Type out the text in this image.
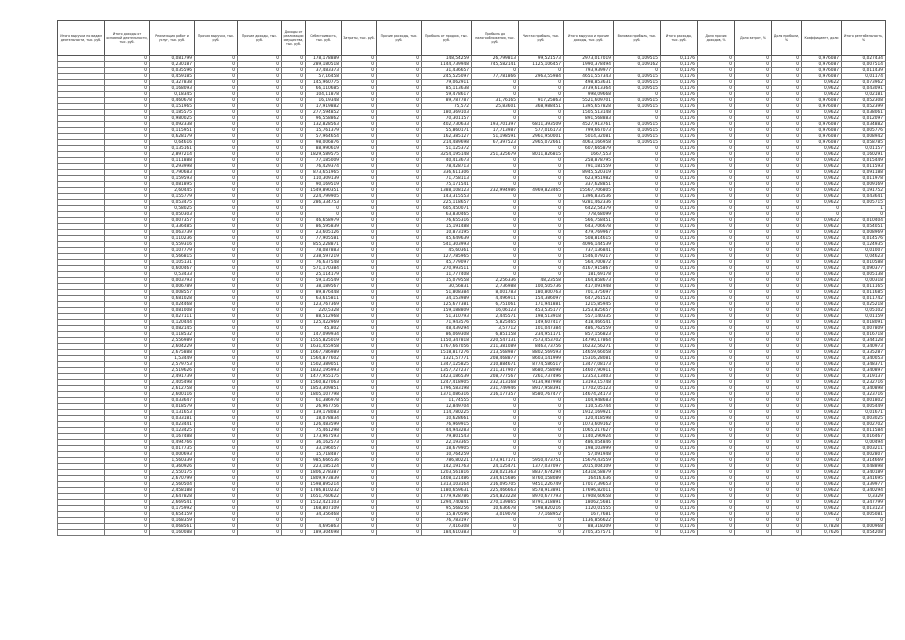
Итого выручки по видам деятельности, тыс. руб.	Итого доходы от основной деятельности, тыс. руб.	Реализация работ и услуг, тыс. руб.	Прочая выручка, тыс. руб.	Прочие доходы, тыс. руб.	Доходы от реализации имущества, тыс. руб.	Себестоимость, тыс. руб.	Затраты, тыс. руб.	Прочие расходы, тыс. руб.	Прибыль от продаж, тыс. руб.	Прибыль до налогообложения, тыс. руб.	Чистая прибыль, тыс. руб.	Итого выручка и прочие доходы, тыс. руб.	Валовая прибыль, тыс. руб.	Итого расходы, тыс. руб.	Доля прочих доходов, %	Доля затрат, %	Доля прибыли, %	Коэффициент, доли	Итого рентабельность, %
	0	0,081799	0	0	0	178,178889	0	0	148,54259	26,799813	99,521573	2973,017019	0,109515	0,1176	0	0	0	0,976087	0,027434
	0	0,230187	0	0	0	289,180518	0	0	1144,739948	745,582141	1125,106457	1990,378494	0,109162	0,1176	0	0	0	0,976087	0,007514
	0	0,035596	0	0	0	37,483373	0	0	31,436657	0	0	793,939977	0	0,1176	0	0	0	0,976087	0,011439
	0	0,459185	0	0	0	57,16458	0	0	245,525097	77,781866	2963,55984	4651,557343	0,109515	0,1176	0	0	0	0,976087	0,01174
	0	0,327838	0	0	0	145,960775	0	0	79,062911	0	0	498,853631	0,109515	0,1176	0	0	0	0,9622	0,073962
	0	0,168093	0	0	0	66,110685	0	0	85,113638	0	0	3739,613364	0,109515	0,1176	0	0	0	0,9622	0,043091
	0	0,18345	0	0	0	104,11878	0	0	59,478617	0	0	998,09668	0	0,1176	0	0	0	0,9622	0,02181
	0	0,460678	0	0	0	16,19348	0	0	89,787787	31,76165	917,25863	5521,609701	0,109515	0,1176	0	0	0	0,976087	0,052308
	0	0,151965	0	0	0	17,919882	0	0	75,572	25,83601	368,988451	1395,657828	0,109515	0,1176	0	0	0	0,976087	0,052399
	0	0,185575	0	0	0	277,594852	0	0	180,369103	0	0	1505,513148	0	0,1176	0	0	0	0,9622	0,038061
	0	0,980025	0	0	0	96,558862	0	0	70,301157	0	0	891,568883	0	0,1176	0	0	0	0,9622	0,012097
	0	0,092338	0	0	0	132,828563	0	0	402,730633	193,701397	6811,393509	4527,913761	0,109515	0,1176	0	0	0	0,976087	0,034882
	0	0,115951	0	0	0	15,761379	0	0	55,860171	17,713987	577,016173	799,667073	0,109515	0,1176	0	0	0	0,976087	0,005776
	0	0,628179	0	0	0	57,964654	0	0	162,385127	51,198591	2961,950001	5014,32081	0,109515	0,1176	0	0	0	0,976087	0,008942
	0	0,64616	0	0	0	98,006876	0	0	214,489698	67,397523	2965,072661	4063,166958	0,109515	0,1176	0	0	0	0,976087	0,058785
	0	0,135161	0	0	0	88,990619	0	0	51,125372	0	0	607,665879	0	0,1176	0	0	0	0,9622	0,01157
	0	2,897214	0	0	0	1829,589575	0	0	3254,195148	251,325679	8011,826815	1667,553	0	0,1176	0	0	0	0,9622	0,160291
	0	0,111888	0	0	0	77,185009	0	0	40,413673	0	0	258,878795	0	0,1176	0	0	0	0,9622	0,015449
	0	0,293998	0	0	0	76,429374	0	0	78,428713	0	0	791,181559	0	0,1176	0	0	0	0,9622	0,011593
	0	0,790683	0	0	0	873,651965	0	0	336,611306	0	0	8945,520319	0	0,1176	0	0	0	0,9622	0,091188
	0	0,159593	0	0	0	110,309139	0	0	71,758113	0	0	623,951982	0	0,1176	0	0	0	0,9622	0,011978
	0	0,081895	0	0	0	90,169519	0	0	75,171541	0	0	337,628851	0	0,1176	0	0	0	0,9622	0,009169
	0	2,60445	0	0	0	1549,890351	0	0	1388,108123	232,994986	4969,823465	15567,706805	0	0,1176	0	0	0	0,9622	0,191752
	0	0,155779	0	0	0	224,799905	0	0	143,315553	0	0	1396,833536	0	0,1176	0	0	0	0,9622	0,043641
	0	0,053475	0	0	0	286,334753	0	0	225,118657	0	0	9281,462336	0	0,1176	0	0	0	0,9622	0,005715
	0	0,58025	0	0	0	0	0	0	605,450071	0	0	6422,54379	0	0,1176	0	0	0	0	1
	0	0,050303	0	0	0	0	0	0	63,830465	0	0	778,68099	0	0,1176	0	0	0	0	0
	0	0,007357	0	0	0	46,658979	0	0	76,655316	0	0	566,758451	0	0,1176	0	0	0	0,9622	0,010404
	0	0,336485	0	0	0	86,595839	0	0	15,191488	0	0	643,706678	0	0,1176	0	0	0	0,9622	0,054051
	0	0,063739	0	0	0	23,605126	0	0	10,873195	0	0	479,769967	0	0,1176	0	0	0	0,9622	0,008969
	0	0,110236	0	0	0	77,905581	0	0	45,649639	0	0	508,814615	0	0,1176	0	0	0	0,9622	0,014576
	0	0,559316	0	0	0	855,228871	0	0	541,303993	0	0	4096,144539	0	0,1176	0	0	0	0,9622	0,124935
	0	0,107779	0	0	0	78,087883	0	0	45,60361	0	0	737,136841	0	0,1176	0	0	0	0,9622	0,01007
	0	0,566815	0	0	0	238,597219	0	0	127,785965	0	0	1546,079217	0	0,1176	0	0	0	0,9622	0,04623
	0	0,105131	0	0	0	76,637548	0	0	45,779097	0	0	564,700872	0	0,1176	0	0	0	0,9622	0,010588
	0	0,600467	0	0	0	571,170384	0	0	270,993511	0	0	4167,915867	0	0,1176	0	0	0	0,9622	0,090377
	0	0,53433	0	0	0	25,114179	0	0	11,777408	0	0	181,69178	0	0,1176	0	0	0	0,9622	0,005138
	0	0,003793	0	0	0	59,135549	0	0	15,079558	2,256336	48,23558	164,858673	0	0,1176	0	0	0	0,9622	0,00318
	0	0,006789	0	0	0	38,189567	0	0	30,56831	2,736988	100,505736	417,091948	0	0,1176	0	0	0	0,9622	0,011165
	0	0,008557	0	0	0	89,876448	0	0	51,808384	8,001783	180,800763	701,375697	0	0,1176	0	0	0	0,9622	0,011685
	0	0,681028	0	0	0	63,615811	0	0	34,153989	4,496911	154,386097	647,261521	0	0,1176	0	0	0	0,9622	0,011742
	0	0,024468	0	0	0	123,767369	0	0	125,677381	6,751061	171,941881	1215,85945	0	0,1176	0	0	0	0,9622	0,025218
	0	0,081008	0	0	0	220,5328	0	0	159,188809	16,06123	453,535177	1253,825657	0	0,1176	0	0	0	0,9622	0,05102
	0	0,027111	0	0	0	88,512968	0	0	51,310793	2,445571	198,513918	557,140335	0	0,1176	0	0	0	0,9622	0,01159
	0	0,120444	0	0	0	125,422969	0	0	71,943576	5,825465	149,607417	418,466541	0	0,1176	0	0	0	0,9622	0,018091
	0	0,082145	0	0	0	45,802	0	0	48,439294	3,57712	101,047384	486,762559	0	0,1176	0	0	0	0,9622	0,007809
	0	0,118532	0	0	0	147,099934	0	0	86,069308	6,851158	234,951171	857,156823	0	0,1176	0	0	0	0,9622	0,016718
	0	2,556989	0	0	0	1555,825019	0	0	1150,347818	220,547131	7573,453702	14790,17864	0	0,1176	0	0	0	0,9622	0,344128
	0	2,604229	0	0	0	1631,455958	0	0	1767,667056	211,381089	8463,73756	16232,56271	0	0,1176	0	0	0	0,9622	0,340973
	0	2,675888	0	0	0	1667,786989	0	0	1518,817276	213,568987	8802,569593	14659,66058	0	0,1176	0	0	0	0,9622	0,335287
	0	1,53449	0	0	0	1564,877602	0	0	1321,57771	208,468877	8603,141999	15316,28081	0	0,1176	0	0	0	0,9622	0,340053
	0	2,579753	0	0	0	1502,389051	0	0	1347,125825	210,884671	8774,586517	13477,08173	0	0,1176	0	0	0	0,9622	0,348371
	0	2,519626	0	0	0	1832,195993	0	0	1357,727237	211,317907	8680,758098	14607,90911	0	0,1176	0	0	0	0,9622	0,340897
	0	2,491739	0	0	0	1477,955175	0	0	1423,186539	208,777567	7261,737496	12353,13403	0	0,1176	0	0	0	0,9622	0,319137
	0	2,405498	0	0	0	1560,827063	0	0	1247,418905	232,313168	9134,987998	13193,15748	0	0,1176	0	0	0	0,9622	0,232716
	0	2,612758	0	0	0	1853,309851	0	0	1796,583198	231,749946	8917,958391	17702,05123	0	0,1176	0	0	0	0,9622	0,340898
	0	2,600116	0	0	0	1805,107798	0	0	1371,086316	216,177357	8580,767477	14674,24173	0	0,1176	0	0	0	0,9622	0,323716
	0	0,033647	0	0	0	61,386978	0	0	11,74555	0	0	104,948683	0	0,1176	0	0	0	0,9622	0,001802
	0	0,018579	0	0	0	26,967756	0	0	12,849704	0	0	110,535744	0	0,1176	0	0	0	0,9622	0,005449
	0	0,131653	0	0	0	139,178083	0	0	114,780225	0	0	1912,169921	0	0,1176	0	0	0	0,9622	0,01671
	0	0,033181	0	0	0	18,078834	0	0	10,628661	0	0	120,418598	0	0,1176	0	0	0	0,9622	0,003025
	0	0,023441	0	0	0	126,483599	0	0	76,969915	0	0	1073,609162	0	0,1176	0	0	0	0,9622	0,002702
	0	0,123425	0	0	0	75,461298	0	0	44,943283	0	0	1065,217627	0	0,1176	0	0	0	0,9622	0,011584
	0	0,167488	0	0	0	173,967593	0	0	79,801543	0	0	1140,290924	0	0,1176	0	0	0	0,9622	0,016467
	0	0,494766	0	0	0	36,162573	0	0	22,193365	0	0	486,054846	0	0,1176	0	0	0	0,9622	0,00494
	0	0,017735	0	0	0	33,196057	0	0	18,679905	0	0	198,103999	0	0,1176	0	0	0	0,9622	0,003211
	0	0,000693	0	0	0	15,718487	0	0	10,764259	0	0	57,091948	0	0,1176	0	0	0	0,9622	0,002807
	0	1,560339	0	0	0	985,666536	0	0	786,80221	173,917171	5950,473751	15679,43559	0	0,1176	0	0	0	0,9622	0,314669
	0	0,360926	0	0	0	223,185124	0	0	142,191763	24,125471	1377,037097	2015,004109	0	0,1176	0	0	0	0,9622	0,048898
	0	2,550175	0	0	0	1806,278387	0	0	1203,561816	228,021363	8837,674294	14318,58879	0	0,1176	0	0	0	0,9622	0,340189
	0	2,670799	0	0	0	1809,973839	0	0	1408,121486	234,615686	8760,158089	16416,636	0	0,1176	0	0	0	0,9622	0,341695
	0	2,560504	0	0	0	1598,895214	0	0	1313,103164	216,095705	9451,226749	17017,39653	0	0,1176	0	0	0	0,9622	0,339977
	0	2,458188	0	0	0	1786,810232	0	0	1180,659631	225,466663	8578,913891	17696,82011	0	0,1176	0	0	0	0,9622	0,340294
	0	2,647828	0	0	0	1651,760622	0	0	1779,928786	254,823228	8970,677793	17908,60658	0	0,1176	0	0	0	0,9622	0,3329
	0	2,669541	0	0	0	1512,421103	0	0	1294,740841	270,139865	8791,318891	18062,5681	0	0,1176	0	0	0	0,9622	0,347799
	0	0,175992	0	0	0	168,807109	0	0	95,568256	10,636678	598,820216	1120,01555	0	0,1176	0	0	0	0,9622	0,013123
	0	0,654159	0	0	0	34,356468	0	0	15,870596	3,019078	77,168952	167,7681	0	0,1176	0	0	0	0,9622	0,005081
	0	0,168359	0	0	0	0	0	0	76,783197	0	0	1136,856622	0	0,1176	0	0	0	0	0
	0	0,068561	0	0	0	4,695863	0	0	7,416308	0	0	88,318209	0	0,1176	0	0	0	0,7828	0,000968
	0	0,160088	0	0	0	189,304698	0	0	184,610383	0	0	2705,357571	0	0,1176	0	0	0	0,7626	0,054208
